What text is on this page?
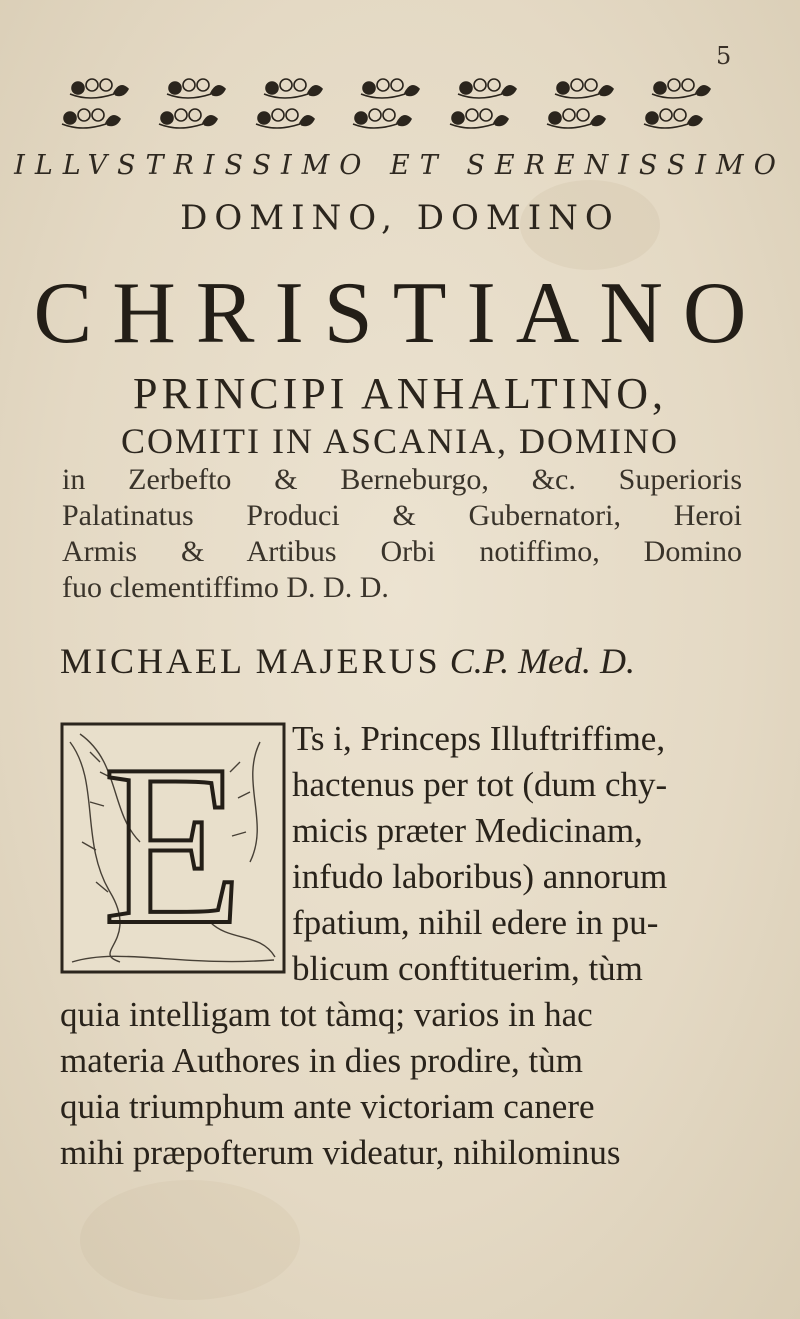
5
ILLVSTRISSIMO ET SERENISSIMO
DOMINO, DOMINO
CHRISTIANO
PRINCIPI ANHALTINO,
COMITI IN ASCANIA, DOMINO
in Zerbefto & Berneburgo, &c. Superioris
Palatinatus Produci & Gubernatori, Heroi
Armis & Artibus Orbi notiffimo, Domino
fuo clementiffimo D. D. D.
MICHAEL MAJERUS C.P. Med. D.
E	Ts i, Princeps Illuftriffime,
hactenus per tot (dum chy-
micis prӕter Medicinam,
infudo laboribus) annorum
fpatium, nihil edere in pu-
blicum conftituerim, tùm
quia intelligam tot tàmq; varios in hac
materia Authores in dies prodire, tùm
quia triumphum ante victoriam canere
mihi prӕpofterum videatur, nihilominus
